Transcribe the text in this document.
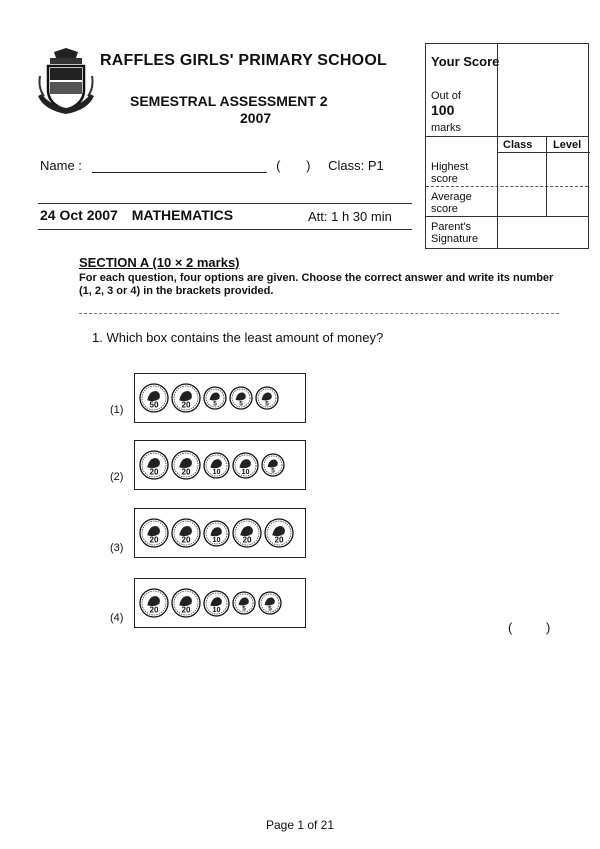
RAFFLES GIRLS' PRIMARY SCHOOL
SEMESTRAL ASSESSMENT 2
2007
Name :	( ) Class: P1
24 Oct 2007 MATHEMATICS	Att: 1 h 30 min
Your Score
Out of
100
marks
Class Level
Highest score
Average score
Parent's Signature
SECTION A (10 × 2 marks)
For each question, four options are given. Choose the correct answer and write its number (1, 2, 3 or 4) in the brackets provided.
1. Which box contains the least amount of money?
(1)	50	20	5	5	5
(2)	20	20	10	10	5
(3)
20	20	10	20	20
(4)
20	20	10	5	5
( )
Page 1 of 21
